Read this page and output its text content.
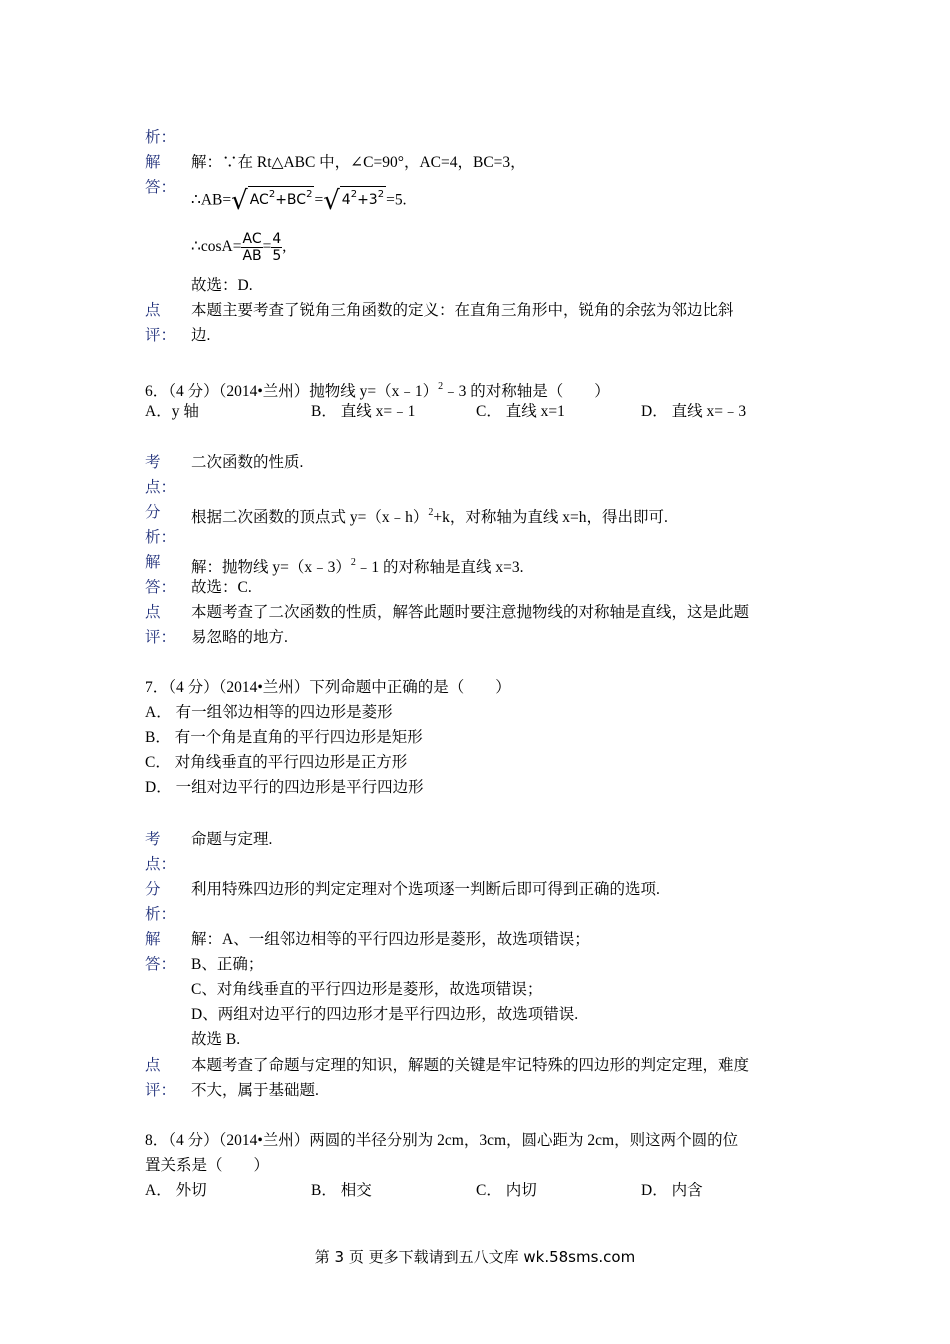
析：
解
答：
解：∵在 Rt△ABC 中，∠C=90°，AC=4，BC=3，
∴AB=√ $AC^2+BC^2$ =√ $4^2+3^2 =5$.
∴cosA= $\frac{AC}{AB} = \frac{4}{5}$ ,
故选：D.
点
评：
本题主要考查了锐角三角函数的定义：在直角三角形中，锐角的余弦为邻边比斜
边.
6．（4 分）（2014•兰州）抛物线 y=（x﹣1）$^2$﹣3 的对称轴是（　　）
A．y 轴	B． 直线 x=﹣1	C． 直线 x=1	D． 直线 x=﹣3
考
点：
二次函数的性质.
分
析：
根据二次函数的顶点式 y=（x﹣h）$^2$+k，对称轴为直线 x=h，得出即可.
解
答：
解：抛物线 y=（x﹣3）$^2$﹣1 的对称轴是直线 x=3.
故选：C.
点
评：
本题考查了二次函数的性质，解答此题时要注意抛物线的对称轴是直线，这是此题
易忽略的地方.
7．（4 分）（2014•兰州）下列命题中正确的是（　　）
A． 有一组邻边相等的四边形是菱形
B． 有一个角是直角的平行四边形是矩形
C． 对角线垂直的平行四边形是正方形
D． 一组对边平行的四边形是平行四边形
考
点：
命题与定理.
分
析：
利用特殊四边形的判定定理对个选项逐一判断后即可得到正确的选项.
解
答：
解：A、一组邻边相等的平行四边形是菱形，故选项错误；
B、正确；
C、对角线垂直的平行四边形是菱形，故选项错误；
D、两组对边平行的四边形才是平行四边形，故选项错误.
故选 B.
点
评：
本题考查了命题与定理的知识，解题的关键是牢记特殊的四边形的判定定理，难度
不大，属于基础题.
8．（4 分）（2014•兰州）两圆的半径分别为 2cm，3cm，圆心距为 2cm，则这两个圆的位
置关系是（　　）
A． 外切	B． 相交	C． 内切	D． 内含
第 3 页 更多下载请到五八文库 wk.58sms.com
